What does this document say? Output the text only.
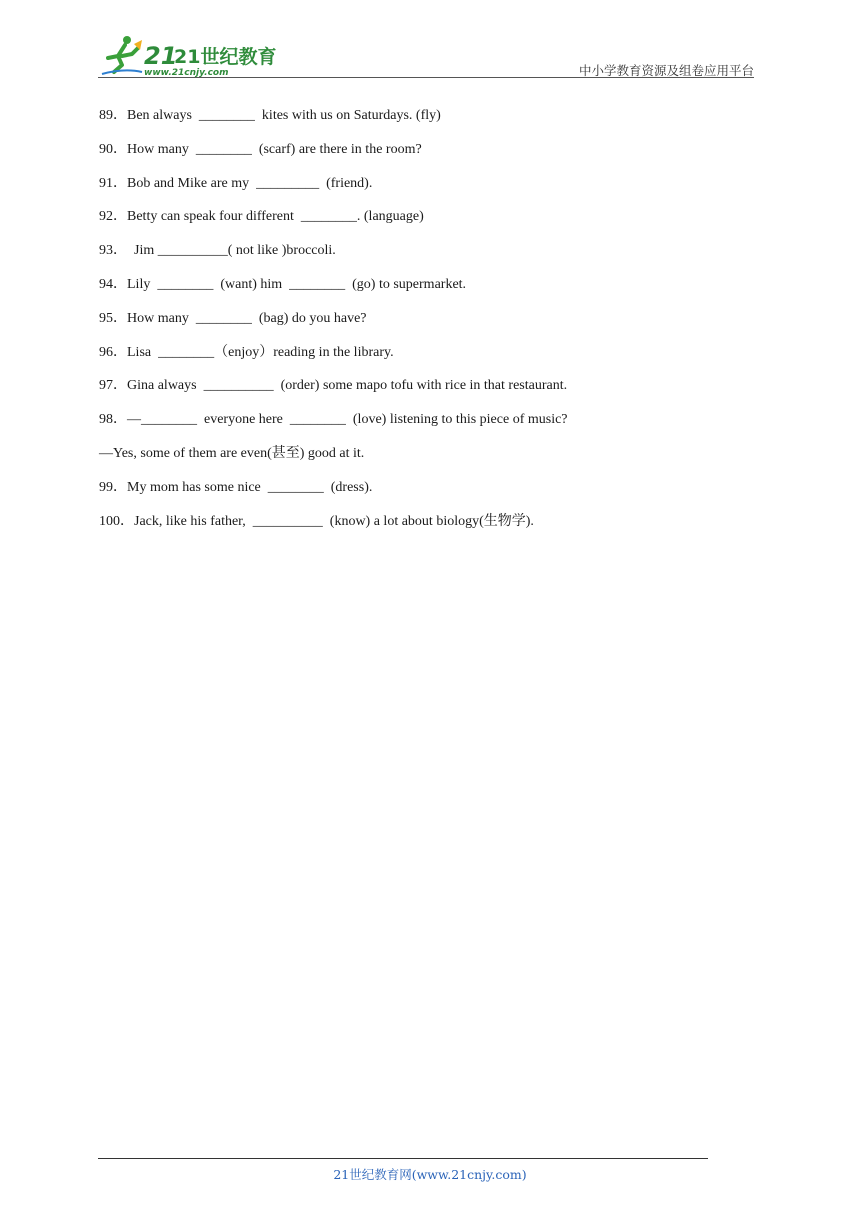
21
21世纪教育
www.21cnjy.com	中小学教育资源及组卷应用平台
89．Ben always  ________  kites with us on Saturdays. (fly)
90．How many  ________  (scarf) are there in the room?
91．Bob and Mike are my  _________  (friend).
92．Betty can speak four different  ________. (language)
93．  Jim __________( not like )broccoli.
94．Lily  ________  (want) him  ________  (go) to supermarket.
95．How many  ________  (bag) do you have?
96．Lisa  ________（enjoy）reading in the library.
97．Gina always  __________  (order) some mapo tofu with rice in that restaurant.
98．—________  everyone here  ________  (love) listening to this piece of music?
—Yes, some of them are even(甚至) good at it.
99．My mom has some nice  ________  (dress).
100．Jack, like his father,  __________  (know) a lot about biology(生物学).
21世纪教育网(www.21cnjy.com)
